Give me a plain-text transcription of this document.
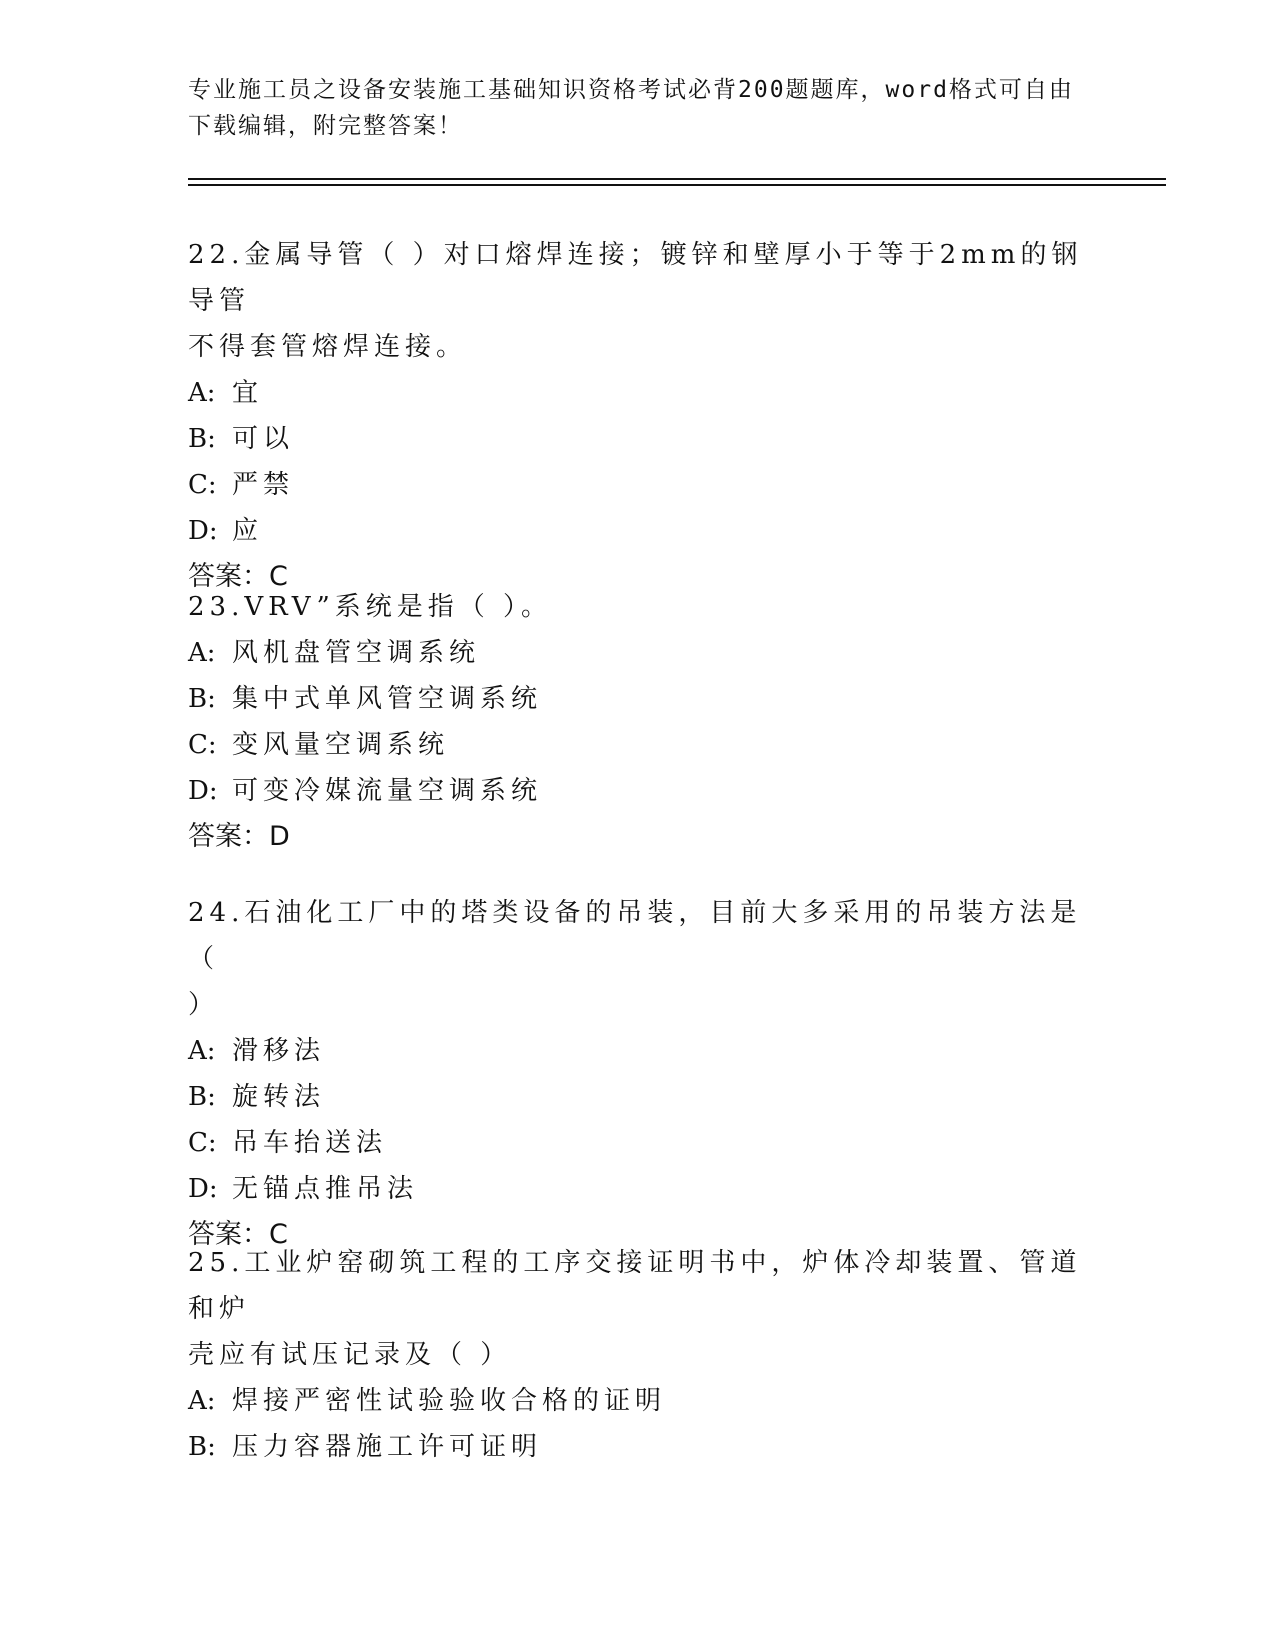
专业施工员之设备安装施工基础知识资格考试必背200题题库，word格式可自由
下载编辑，附完整答案！

22.金属导管（ ）对口熔焊连接；镀锌和壁厚小于等于2mm的钢导管

不得套管熔焊连接。

A: 宜

B: 可以

C: 严禁

D: 应

答案：C

23.VRV”系统是指（ ）。

A: 风机盘管空调系统

B: 集中式单风管空调系统

C: 变风量空调系统

D: 可变冷媒流量空调系统

答案：D

24.石油化工厂中的塔类设备的吊装，目前大多采用的吊装方法是（

）

A: 滑移法

B: 旋转法

C: 吊车抬送法

D: 无锚点推吊法

答案：C

25.工业炉窑砌筑工程的工序交接证明书中，炉体冷却装置、管道和炉

壳应有试压记录及（ ）

A: 焊接严密性试验验收合格的证明

B: 压力容器施工许可证明
